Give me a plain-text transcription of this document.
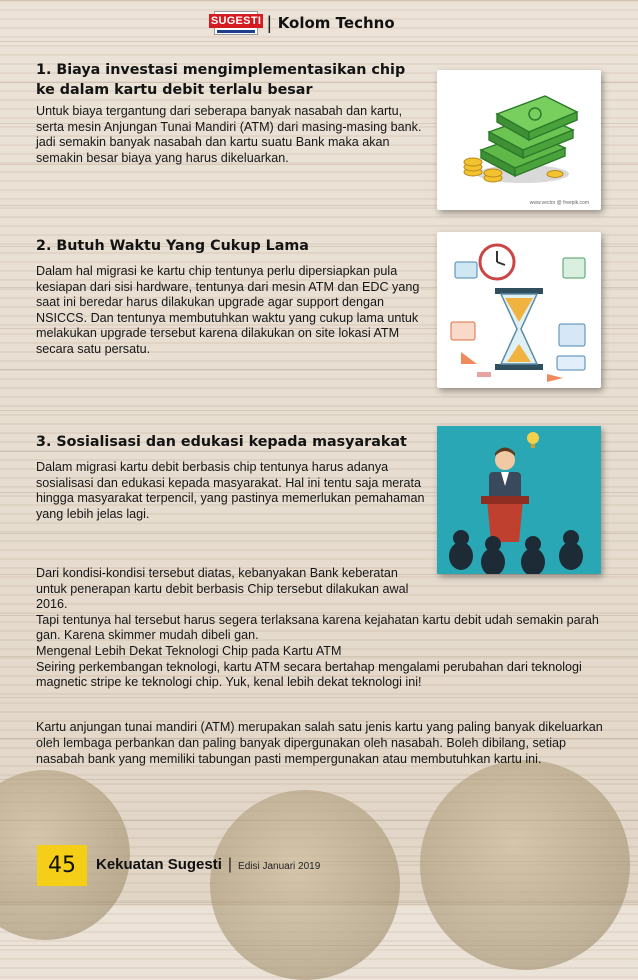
SUGESTI | Kolom Techno
1. Biaya investasi mengimplementasikan chip ke dalam kartu debit terlalu besar

Untuk biaya tergantung dari seberapa banyak nasabah dan kartu, serta mesin Anjungan Tunai Mandiri (ATM) dari masing-masing bank. jadi semakin banyak nasabah dan kartu suatu Bank maka akan semakin besar biaya yang harus dikeluarkan.

www.vector @ freepik.com
2. Butuh Waktu Yang Cukup Lama

Dalam hal migrasi ke kartu chip tentunya perlu dipersiapkan pula kesiapan dari sisi hardware, tentunya dari mesin ATM dan EDC yang saat ini beredar harus dilakukan upgrade agar support dengan NSICCS. Dan tentunya membutuhkan waktu yang cukup lama untuk melakukan upgrade tersebut karena dilakukan on site lokasi ATM secara satu persatu.

3. Sosialisasi dan edukasi kepada masyarakat

Dalam migrasi kartu debit berbasis chip tentunya harus adanya sosialisasi dan edukasi kepada masyarakat. Hal ini tentu saja merata hingga masyarakat terpencil, yang pastinya memerlukan pemahaman yang lebih jelas lagi.

Dari kondisi-kondisi tersebut diatas, kebanyakan Bank keberatan untuk penerapan kartu debit berbasis Chip tersebut dilakukan awal 2016.
Tapi tentunya hal tersebut harus segera terlaksana karena kejahatan kartu debit udah semakin parah gan. Karena skimmer mudah dibeli gan.
Mengenal Lebih Dekat Teknologi Chip pada Kartu ATM
Seiring perkembangan teknologi, kartu ATM secara bertahap mengalami perubahan dari teknologi magnetic stripe ke teknologi chip. Yuk, kenal lebih dekat teknologi ini!

Kartu anjungan tunai mandiri (ATM) merupakan salah satu jenis kartu yang paling banyak dikeluarkan oleh lembaga perbankan dan paling banyak dipergunakan oleh nasabah. Boleh dibilang, setiap nasabah bank yang memiliki tabungan pasti mempergunakan atau membutuhkan kartu ini.

45	Kekuatan Sugesti | Edisi Januari 2019
